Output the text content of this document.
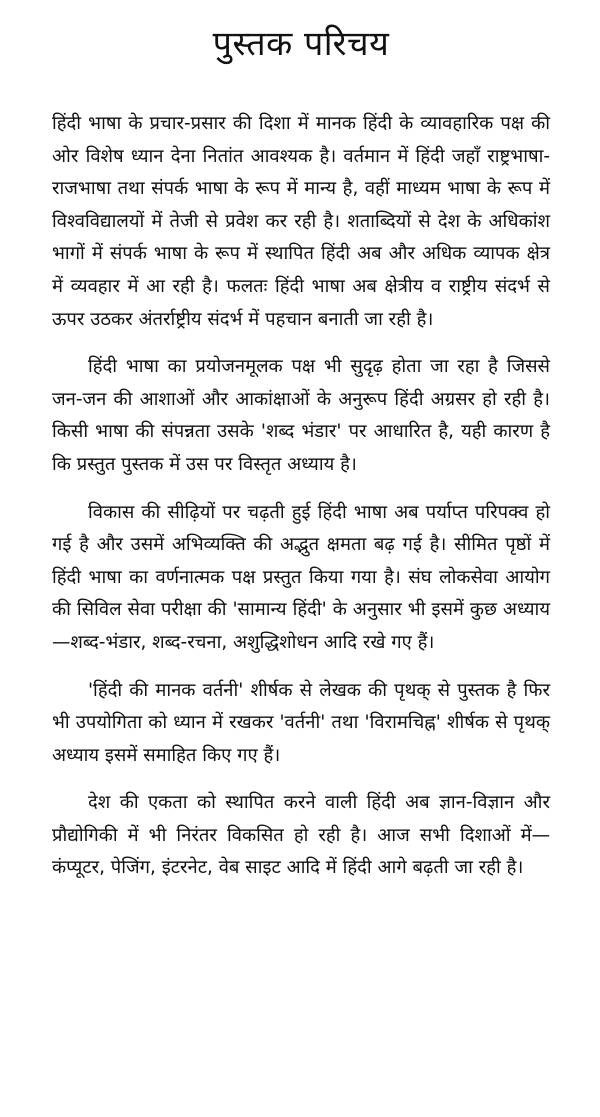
पुस्तक परिचय

हिंदी भाषा के प्रचार-प्रसार की दिशा में मानक हिंदी के व्यावहारिक पक्ष की ओर विशेष ध्यान देना नितांत आवश्यक है। वर्तमान में हिंदी जहाँ राष्ट्रभाषा-राजभाषा तथा संपर्क भाषा के रूप में मान्य है, वहीं माध्यम भाषा के रूप में विश्वविद्यालयों में तेजी से प्रवेश कर रही है। शताब्दियों से देश के अधिकांश भागों में संपर्क भाषा के रूप में स्थापित हिंदी अब और अधिक व्यापक क्षेत्र में व्यवहार में आ रही है। फलतः हिंदी भाषा अब क्षेत्रीय व राष्ट्रीय संदर्भ से ऊपर उठकर अंतर्राष्ट्रीय संदर्भ में पहचान बनाती जा रही है।

हिंदी भाषा का प्रयोजनमूलक पक्ष भी सुदृढ़ होता जा रहा है जिससे जन-जन की आशाओं और आकांक्षाओं के अनुरूप हिंदी अग्रसर हो रही है। किसी भाषा की संपन्नता उसके 'शब्द भंडार' पर आधारित है, यही कारण है कि प्रस्तुत पुस्तक में उस पर विस्तृत अध्याय है।

विकास की सीढ़ियों पर चढ़ती हुई हिंदी भाषा अब पर्याप्त परिपक्व हो गई है और उसमें अभिव्यक्ति की अद्भुत क्षमता बढ़ गई है। सीमित पृष्ठों में हिंदी भाषा का वर्णनात्मक पक्ष प्रस्तुत किया गया है। संघ लोकसेवा आयोग की सिविल सेवा परीक्षा की 'सामान्य हिंदी' के अनुसार भी इसमें कुछ अध्याय—शब्द-भंडार, शब्द-रचना, अशुद्धिशोधन आदि रखे गए हैं।

'हिंदी की मानक वर्तनी' शीर्षक से लेखक की पृथक् से पुस्तक है फिर भी उपयोगिता को ध्यान में रखकर 'वर्तनी' तथा 'विरामचिह्न' शीर्षक से पृथक् अध्याय इसमें समाहित किए गए हैं।

देश की एकता को स्थापित करने वाली हिंदी अब ज्ञान-विज्ञान और प्रौद्योगिकी में भी निरंतर विकसित हो रही है। आज सभी दिशाओं में—कंप्यूटर, पेजिंग, इंटरनेट, वेब साइट आदि में हिंदी आगे बढ़ती जा रही है।
